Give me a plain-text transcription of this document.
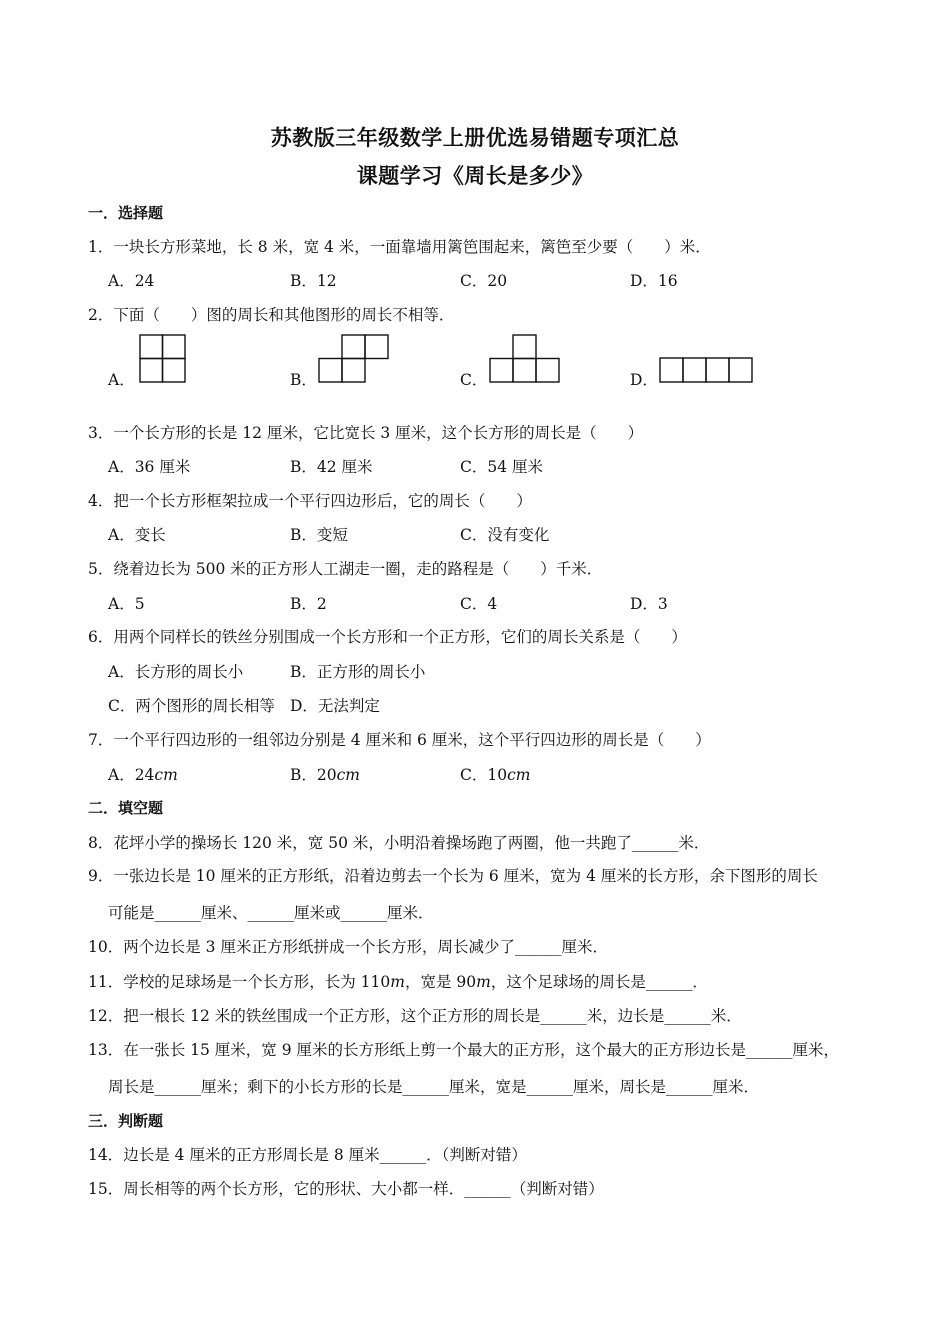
苏教版三年级数学上册优选易错题专项汇总
课题学习《周长是多少》
一．选择题
1．一块长方形菜地，长 8 米，宽 4 米，一面靠墙用篱笆围起来，篱笆至少要（　　）米．
A．24	B．12	C．20	D．16
2．下面（　　）图的周长和其他图形的周长不相等．
A．	B．	C．	D．
3．一个长方形的长是 12 厘米，它比宽长 3 厘米，这个长方形的周长是（　　）
A．36 厘米	B．42 厘米	C．54 厘米
4．把一个长方形框架拉成一个平行四边形后，它的周长（　　）
A．变长	B．变短	C．没有变化
5．绕着边长为 500 米的正方形人工湖走一圈，走的路程是（　　）千米．
A．5	B．2	C．4	D．3
6．用两个同样长的铁丝分别围成一个长方形和一个正方形，它们的周长关系是（　　）
A．长方形的周长小	B．正方形的周长小
C．两个图形的周长相等 D．无法判定
7．一个平行四边形的一组邻边分别是 4 厘米和 6 厘米，这个平行四边形的周长是（　　）
A．24cm	B．20cm	C．10cm
二．填空题
8．花坪小学的操场长 120 米，宽 50 米，小明沿着操场跑了两圈，他一共跑了______米．
9．一张边长是 10 厘米的正方形纸，沿着边剪去一个长为 6 厘米，宽为 4 厘米的长方形，余下图形的周长
可能是______厘米、______厘米或______厘米．
10．两个边长是 3 厘米正方形纸拼成一个长方形，周长减少了______厘米．
11．学校的足球场是一个长方形，长为 110m，宽是 90m，这个足球场的周长是______．
12．把一根长 12 米的铁丝围成一个正方形，这个正方形的周长是______米，边长是______米．
13．在一张长 15 厘米，宽 9 厘米的长方形纸上剪一个最大的正方形，这个最大的正方形边长是______厘米，
周长是______厘米；剩下的小长方形的长是______厘米，宽是______厘米，周长是______厘米．
三．判断题
14．边长是 4 厘米的正方形周长是 8 厘米______．（判断对错）
15．周长相等的两个长方形，它的形状、大小都一样．______（判断对错）
